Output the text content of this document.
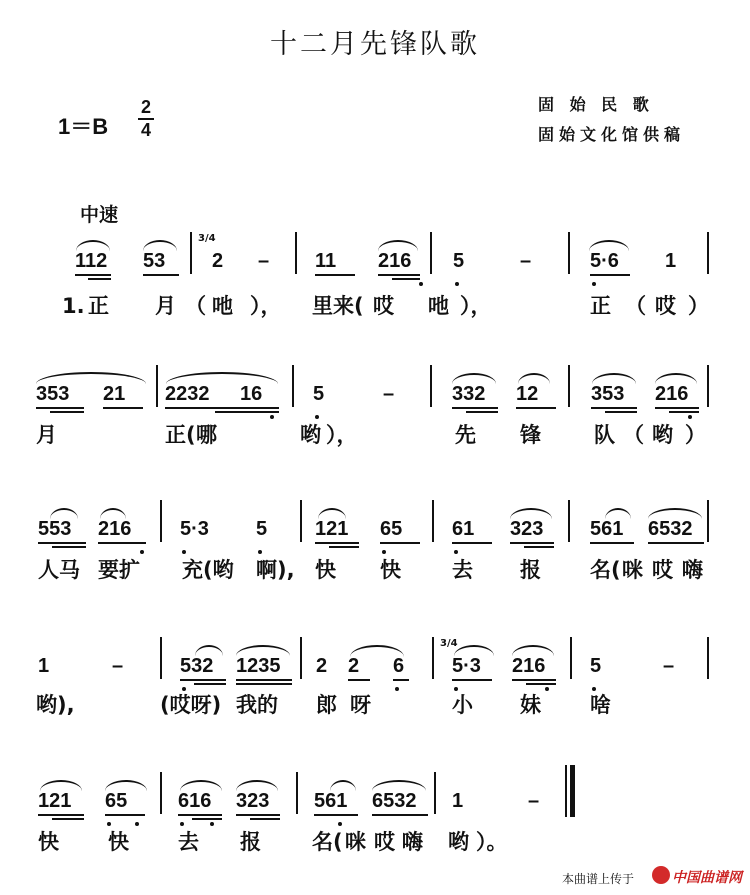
十二月先锋队歌
1＝B
2
4
固 始 民 歌
固始文化馆供稿
中速
112 53
3/4
2 – 11 216 5	–	5·6 1
1. 正 月 （ 吔 ）， 里来( 哎 吔 ），	正 （ 哎 ）
353 21 2232 16	5	–	332 12	353 216
月	正( 哪	哟 ），	先 锋	队 （ 哟 ）
553 216 5·3 5 121 65 61 323 561 6532
人马 要扩 充(哟 啊), 快 快 去 报 名( 咪 哎 嗨
1	–	532 1235 2 2 6
3/4
5·3 216 5	–
哟),	(哎呀) 我的 郎 呀	小 妹 啥
121 65	616 323 561 6532 1	–
快 快 去 报 名( 咪 哎 嗨 哟 ）。
本曲谱上传于	中国曲谱网
